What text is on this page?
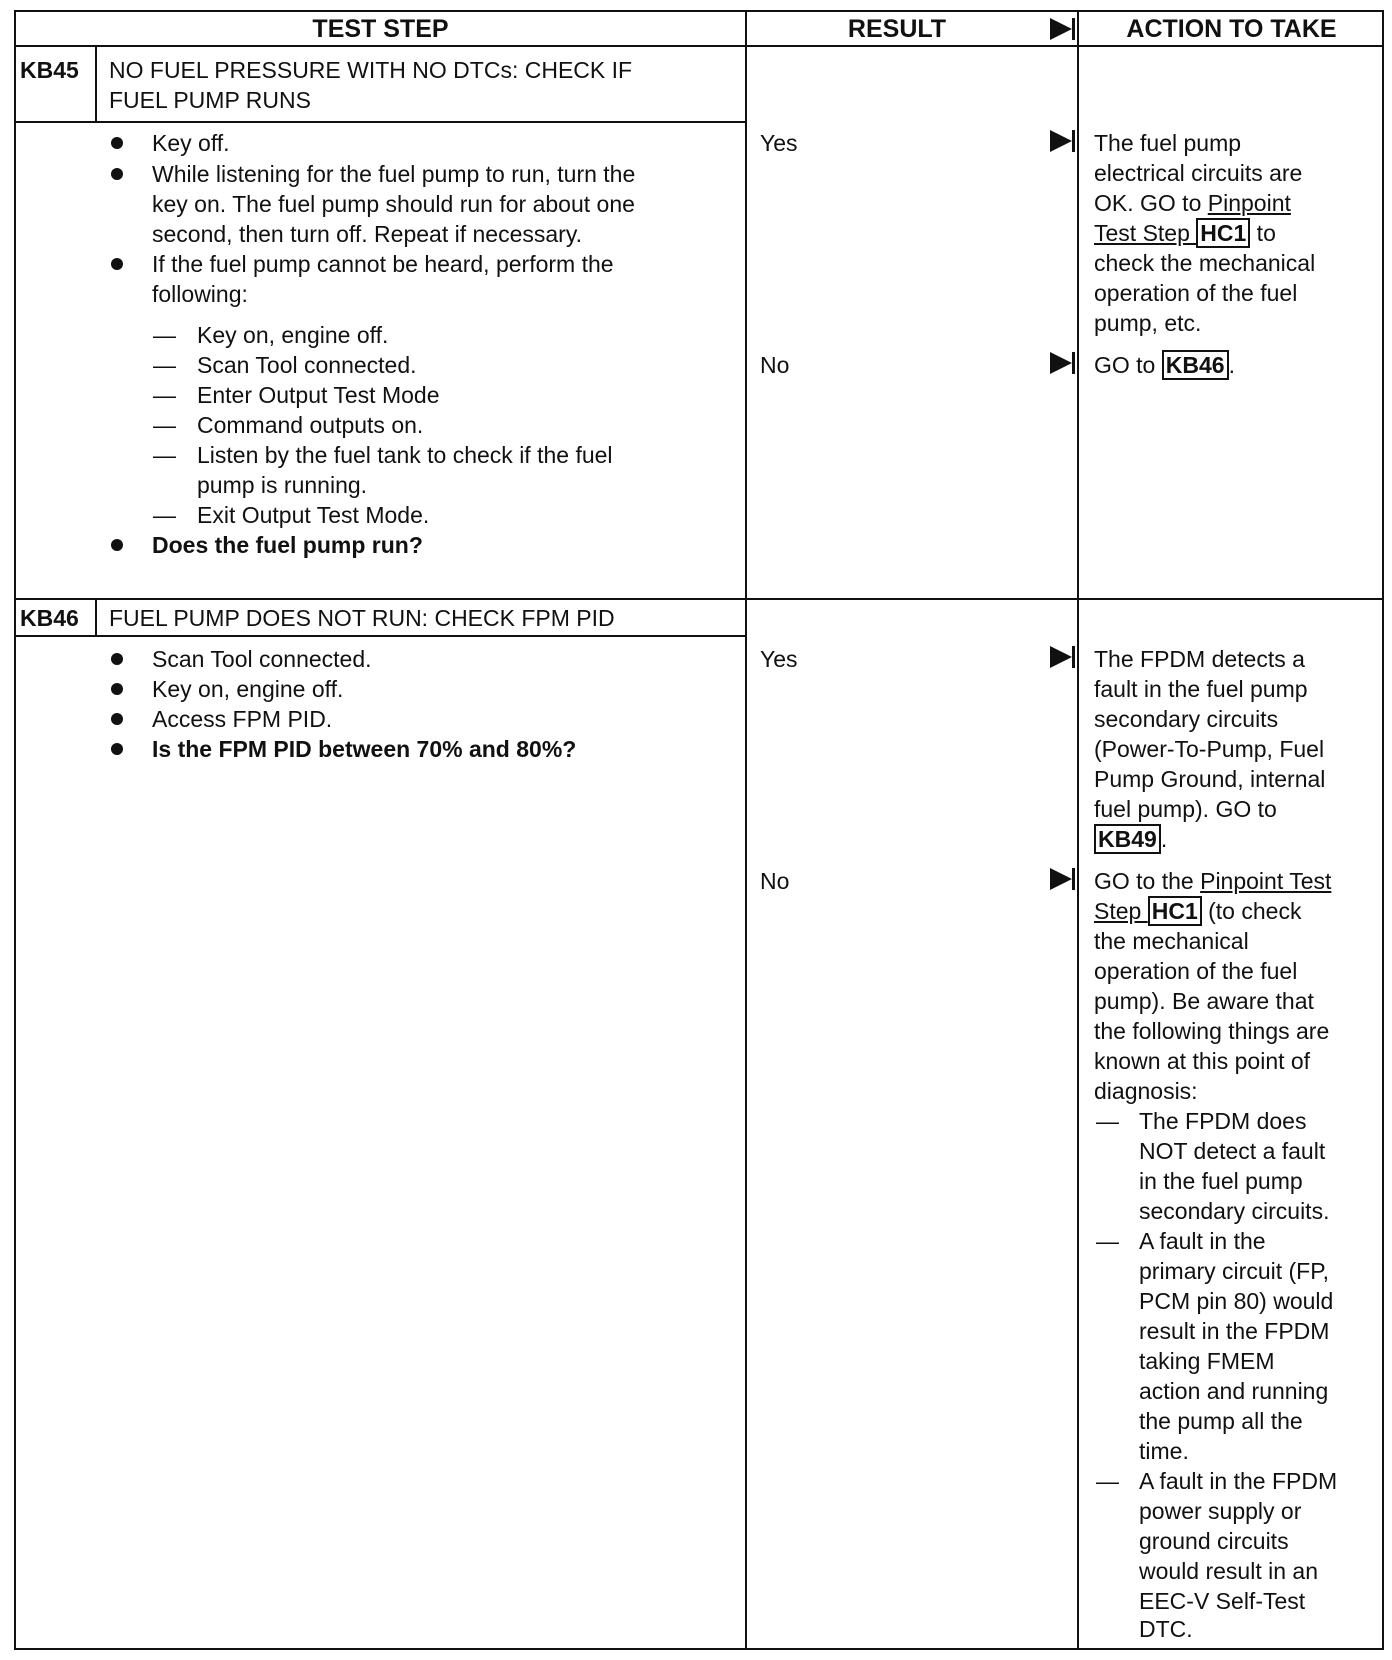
TEST STEP	RESULT	ACTION TO TAKE
KB45 NO FUEL PRESSURE WITH NO DTCs: CHECK IF
FUEL PUMP RUNS
Key off.
While listening for the fuel pump to run, turn the
key on. The fuel pump should run for about one
second, then turn off. Repeat if necessary.
If the fuel pump cannot be heard, perform the
following:
— Key on, engine off.
— Scan Tool connected.
— Enter Output Test Mode
— Command outputs on.
— Listen by the fuel tank to check if the fuel
pump is running.
— Exit Output Test Mode.
Does the fuel pump run?
Yes
No
The fuel pump
electrical circuits are
OK. GO to Pinpoint
Test Step HC1 to
check the mechanical
operation of the fuel
pump, etc.
GO to KB46 .
KB46 FUEL PUMP DOES NOT RUN: CHECK FPM PID
Scan Tool connected.
Key on, engine off.
Access FPM PID.
Is the FPM PID between 70% and 80%?
Yes
No
The FPDM detects a
fault in the fuel pump
secondary circuits
(Power-To-Pump, Fuel
Pump Ground, internal
fuel pump). GO to
KB49 .
GO to the Pinpoint Test
Step HC1 (to check
the mechanical
operation of the fuel
pump). Be aware that
the following things are
known at this point of
diagnosis:
— The FPDM does
NOT detect a fault
in the fuel pump
secondary circuits.
— A fault in the
primary circuit (FP,
PCM pin 80) would
result in the FPDM
taking FMEM
action and running
the pump all the
time.
— A fault in the FPDM
power supply or
ground circuits
would result in an
EEC-V Self-Test
DTC.
